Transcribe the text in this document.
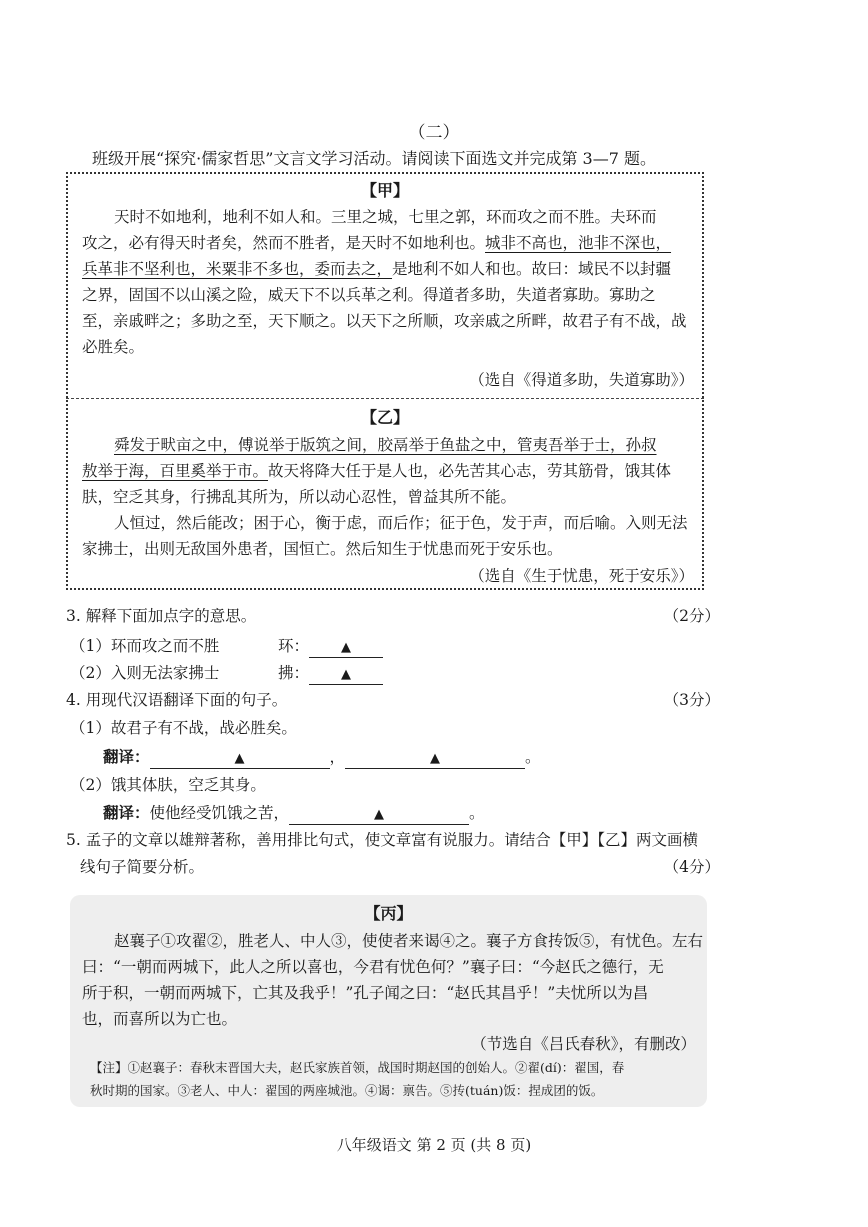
（二）
班级开展“探究·儒家哲思”文言文学习活动。请阅读下面选文并完成第 3—7 题。
【甲】
天时不如地利，地利不如人和。三里之城，七里之郭，环而攻之而不胜。夫环而
攻之，必有得天时者矣，然而不胜者，是天时不如地利也。城非不高也，池非不深也，
兵革非不坚利也，米粟非不多也，委而去之，是地利不如人和也。故曰：域民不以封疆
之界，固国不以山溪之险，威天下不以兵革之利。得道者多助，失道者寡助。寡助之
至，亲戚畔之；多助之至，天下顺之。以天下之所顺，攻亲戚之所畔，故君子有不战，战
必胜矣。
（选自《得道多助，失道寡助》）
【乙】
舜发于畎亩之中，傅说举于版筑之间，胶鬲举于鱼盐之中，管夷吾举于士，孙叔
敖举于海，百里奚举于市。故天将降大任于是人也，必先苦其心志，劳其筋骨，饿其体
肤，空乏其身，行拂乱其所为，所以动心忍性，曾益其所不能。
人恒过，然后能改；困于心，衡于虑，而后作；征于色，发于声，而后喻。入则无法
家拂士，出则无敌国外患者，国恒亡。然后知生于忧患而死于安乐也。
（选自《生于忧患，死于安乐》）
3. 解释下面加点字的意思。	（2分）
（1）环而攻之而不胜	环： ▲
（2）入则无法家拂士	拂： ▲
4. 用现代汉语翻译下面的句子。	（3分）
（1）故君子有不战，战必胜矣。
翻译：	▲	，	▲	。
（2）饿其体肤，空乏其身。
翻译：使他经受饥饿之苦，	▲	。
5. 孟子的文章以雄辩著称，善用排比句式，使文章富有说服力。请结合【甲】【乙】两文画横
线句子简要分析。	（4分）
【丙】
赵襄子①攻翟②，胜老人、中人③，使使者来谒④之。襄子方食抟饭⑤，有忧色。左右
曰：“一朝而两城下，此人之所以喜也，今君有忧色何？”襄子曰：“今赵氏之德行，无
所于积，一朝而两城下，亡其及我乎！”孔子闻之曰：“赵氏其昌乎！”夫忧所以为昌
也，而喜所以为亡也。
（节选自《吕氏春秋》，有删改）
【注】①赵襄子：春秋末晋国大夫，赵氏家族首领，战国时期赵国的创始人。②翟(dí)：翟国，春
秋时期的国家。③老人、中人：翟国的两座城池。④谒：禀告。⑤抟(tuán)饭：捏成团的饭。
八年级语文 第 2 页 (共 8 页)
